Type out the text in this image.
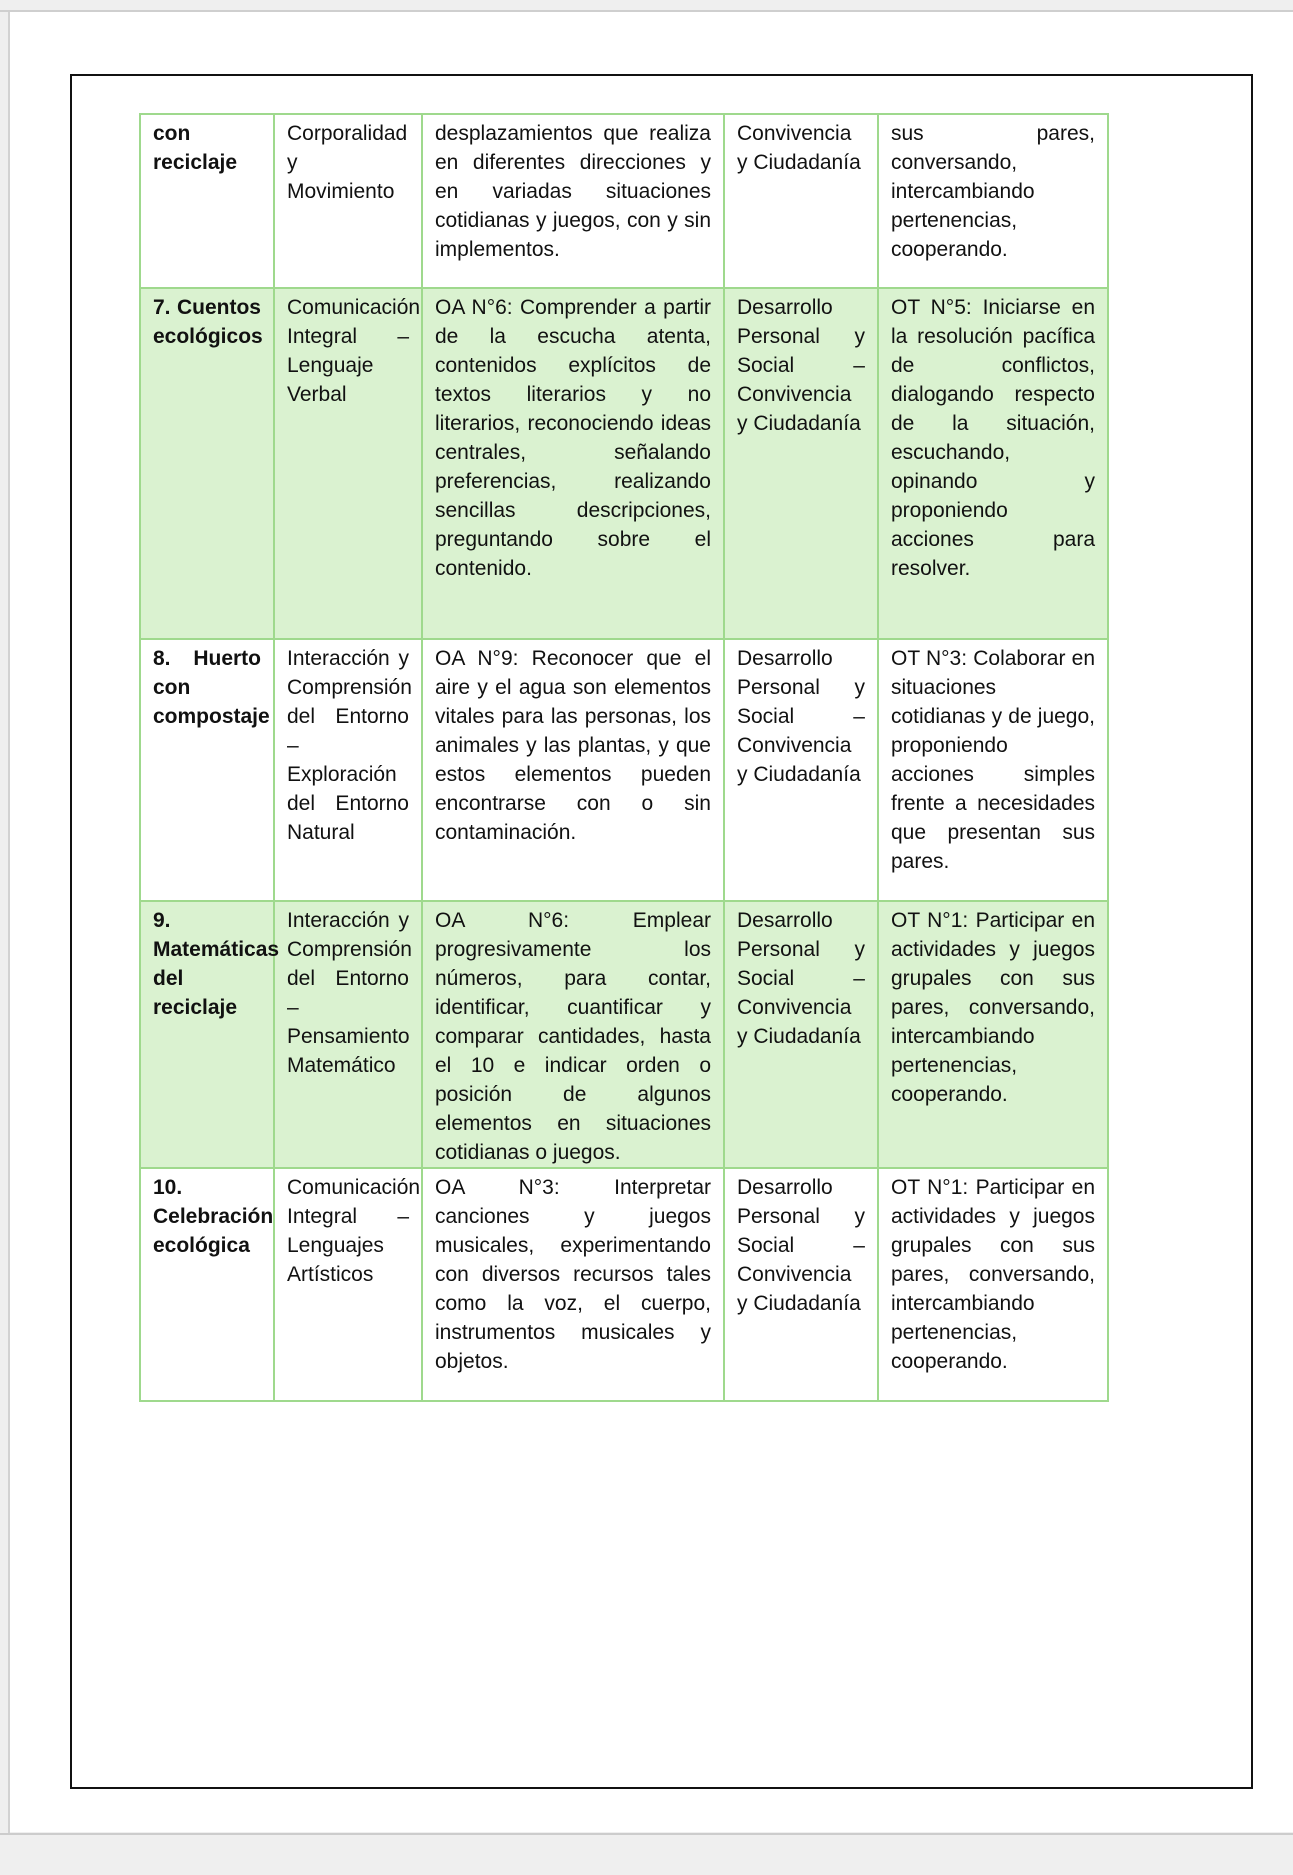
con reciclaje	Corporalidad y Movimiento	desplazamientos que realiza en diferentes direcciones y en variadas situaciones cotidianas y juegos, con y sin implementos.	Convivencia y Ciudadanía	sus pares, conversando, intercambiando pertenencias, cooperando.
7. Cuentos ecológicos	Comunicación Integral – Lenguaje Verbal	OA N°6: Comprender a partir de la escucha atenta, contenidos explícitos de textos literarios y no literarios, reconociendo ideas centrales, señalando preferencias, realizando sencillas descripciones, preguntando sobre el contenido.	Desarrollo Personal y Social – Convivencia y Ciudadanía	OT N°5: Iniciarse en la resolución pacífica de conflictos, dialogando respecto de la situación, escuchando, opinando y proponiendo acciones para resolver.
8. Huerto con compostaje	Interacción y Comprensión del Entorno – Exploración del Entorno Natural	OA N°9: Reconocer que el aire y el agua son elementos vitales para las personas, los animales y las plantas, y que estos elementos pueden encontrarse con o sin contaminación.	Desarrollo Personal y Social – Convivencia y Ciudadanía	OT N°3: Colaborar en situaciones cotidianas y de juego, proponiendo acciones simples frente a necesidades que presentan sus pares.
9. Matemáticas del reciclaje	Interacción y Comprensión del Entorno – Pensamiento Matemático	OA N°6: Emplear progresivamente los números, para contar, identificar, cuantificar y comparar cantidades, hasta el 10 e indicar orden o posición de algunos elementos en situaciones cotidianas o juegos.	Desarrollo Personal y Social – Convivencia y Ciudadanía	OT N°1: Participar en actividades y juegos grupales con sus pares, conversando, intercambiando pertenencias, cooperando.
10. Celebración ecológica	Comunicación Integral – Lenguajes Artísticos	OA N°3: Interpretar canciones y juegos musicales, experimentando con diversos recursos tales como la voz, el cuerpo, instrumentos musicales y objetos.	Desarrollo Personal y Social – Convivencia y Ciudadanía	OT N°1: Participar en actividades y juegos grupales con sus pares, conversando, intercambiando pertenencias, cooperando.
